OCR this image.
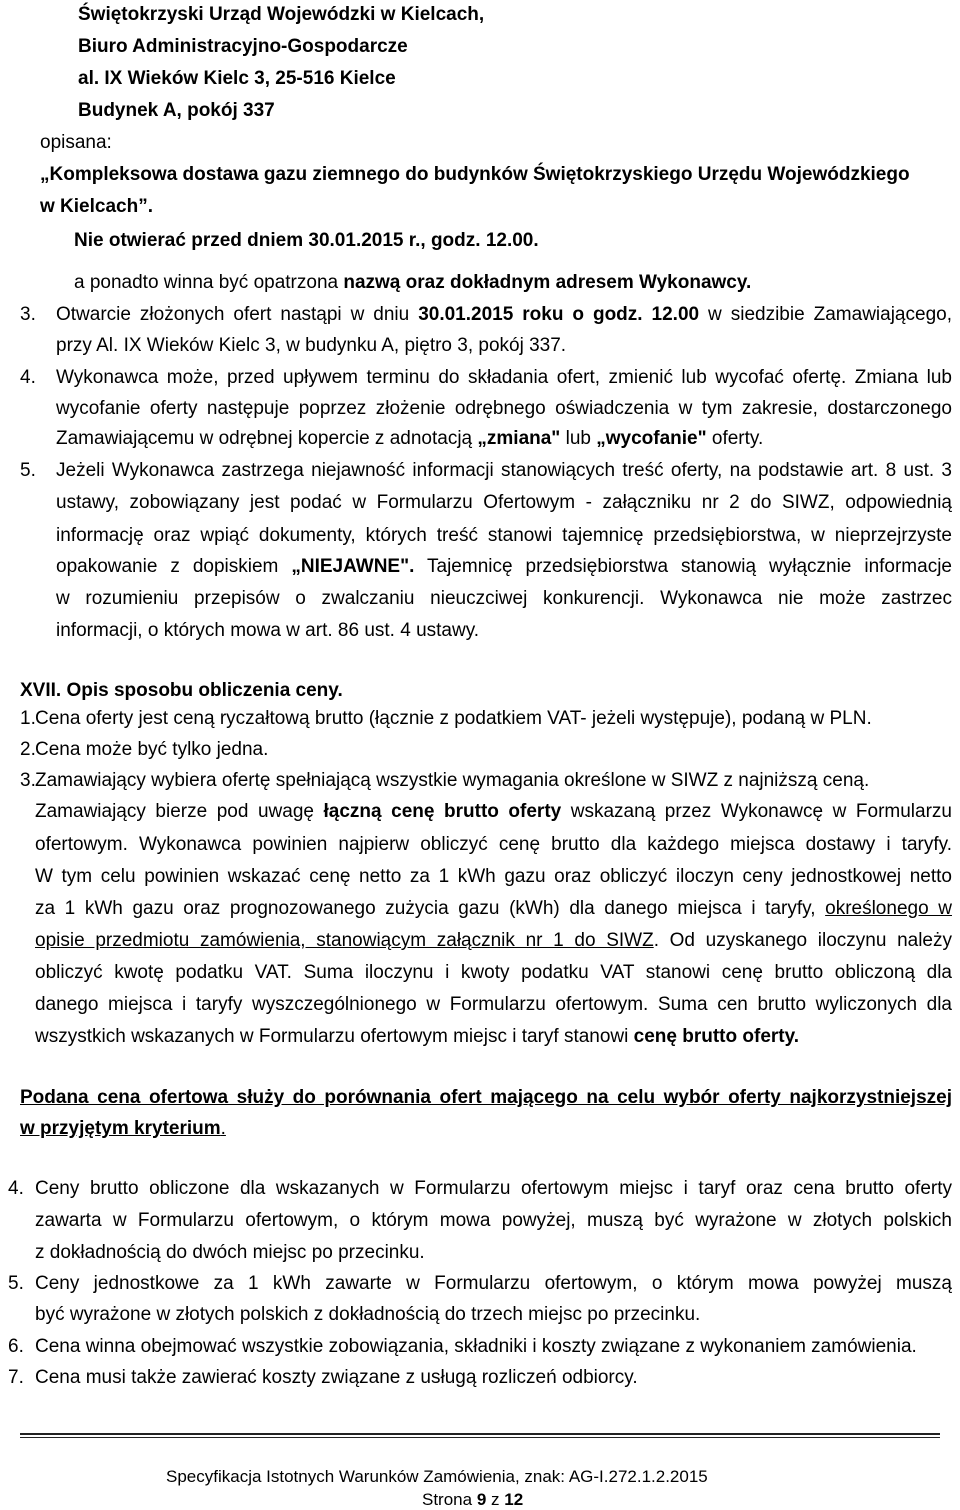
Świętokrzyski Urząd Wojewódzki w Kielcach,
Biuro Administracyjno-Gospodarcze
al. IX Wieków Kielc 3, 25-516 Kielce
Budynek A, pokój 337
opisana:
„Kompleksowa dostawa gazu ziemnego do budynków Świętokrzyskiego Urzędu Wojewódzkiego
w Kielcach”.
Nie otwierać przed dniem 30.01.2015 r., godz. 12.00.
a ponadto winna być opatrzona nazwą oraz dokładnym adresem Wykonawcy.
3. Otwarcie złożonych ofert nastąpi w dniu 30.01.2015 roku o godz. 12.00 w siedzibie Zamawiającego,
przy Al. IX Wieków Kielc 3, w budynku A, piętro 3, pokój 337.
4. Wykonawca może, przed upływem terminu do składania ofert, zmienić lub wycofać ofertę. Zmiana lub
wycofanie oferty następuje poprzez złożenie odrębnego oświadczenia w tym zakresie, dostarczonego
Zamawiającemu w odrębnej kopercie z adnotacją „zmiana" lub „wycofanie" oferty.
5. Jeżeli Wykonawca zastrzega niejawność informacji stanowiących treść oferty, na podstawie art. 8 ust. 3
ustawy, zobowiązany jest podać w Formularzu Ofertowym - załączniku nr 2 do SIWZ, odpowiednią
informację oraz wpiąć dokumenty, których treść stanowi tajemnicę przedsiębiorstwa, w nieprzejrzyste
opakowanie z dopiskiem „NIEJAWNE". Tajemnicę przedsiębiorstwa stanowią wyłącznie informacje
w rozumieniu przepisów o zwalczaniu nieuczciwej konkurencji. Wykonawca nie może zastrzec
informacji, o których mowa w art. 86 ust. 4 ustawy.
XVII. Opis sposobu obliczenia ceny.
1. Cena oferty jest ceną ryczałtową brutto (łącznie z podatkiem VAT- jeżeli występuje), podaną w PLN.
2. Cena może być tylko jedna.
3. Zamawiający wybiera ofertę spełniającą wszystkie wymagania określone w SIWZ z najniższą ceną.
Zamawiający bierze pod uwagę łączną cenę brutto oferty wskazaną przez Wykonawcę w Formularzu
ofertowym. Wykonawca powinien najpierw obliczyć cenę brutto dla każdego miejsca dostawy i taryfy.
W tym celu powinien wskazać cenę netto za 1 kWh gazu oraz obliczyć iloczyn ceny jednostkowej netto
za 1 kWh gazu oraz prognozowanego zużycia gazu (kWh) dla danego miejsca i taryfy, określonego w
opisie przedmiotu zamówienia, stanowiącym załącznik nr 1 do SIWZ. Od uzyskanego iloczynu należy
obliczyć kwotę podatku VAT. Suma iloczynu i kwoty podatku VAT stanowi cenę brutto obliczoną dla
danego miejsca i taryfy wyszczególnionego w Formularzu ofertowym. Suma cen brutto wyliczonych dla
wszystkich wskazanych w Formularzu ofertowym miejsc i taryf stanowi cenę brutto oferty.
Podana cena ofertowa służy do porównania ofert mającego na celu wybór oferty najkorzystniejszej
w przyjętym kryterium.
4. Ceny brutto obliczone dla wskazanych w Formularzu ofertowym miejsc i taryf oraz cena brutto oferty
zawarta w Formularzu ofertowym, o którym mowa powyżej, muszą być wyrażone w złotych polskich
z dokładnością do dwóch miejsc po przecinku.
5. Ceny jednostkowe za 1 kWh zawarte w Formularzu ofertowym, o którym mowa powyżej muszą
być wyrażone w złotych polskich z dokładnością do trzech miejsc po przecinku.
6. Cena winna obejmować wszystkie zobowiązania, składniki i koszty związane z wykonaniem zamówienia.
7. Cena musi także zawierać koszty związane z usługą rozliczeń odbiorcy.
Specyfikacja Istotnych Warunków Zamówienia, znak: AG-I.272.1.2.2015
Strona 9 z 12
